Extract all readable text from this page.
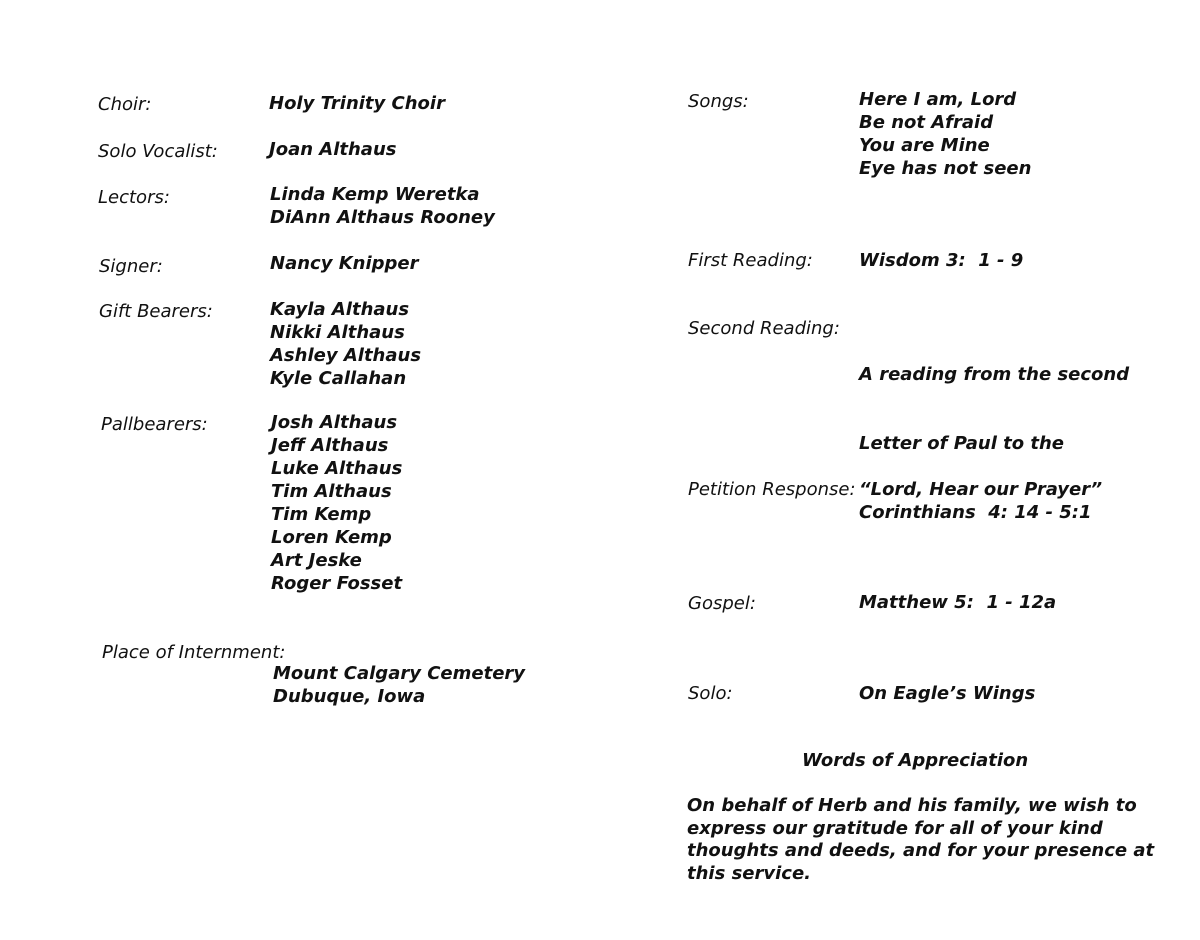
Choir:	Holy Trinity Choir
Solo Vocalist:	Joan Althaus
Lectors:	Linda Kemp Weretka
DiAnn Althaus Rooney
Signer:	Nancy Knipper
Gift Bearers:	Kayla Althaus
Nikki Althaus
Ashley Althaus
Kyle Callahan
Pallbearers:	Josh Althaus
Jeff Althaus
Luke Althaus
Tim Althaus
Tim Kemp
Loren Kemp
Art Jeske
Roger Fosset
Place of Internment:
Mount Calgary Cemetery
Dubuque, Iowa
Songs:	Here I am, Lord
Be not Afraid
You are Mine
Eye has not seen
First Reading:	Wisdom 3:  1 - 9
Second Reading:

A reading from the second

Letter of Paul to the

Corinthians  4: 14 - 5:1

Petition Response: “Lord, Hear our Prayer”
Gospel:	Matthew 5:  1 - 12a
Solo:	On Eagle’s Wings
Words of Appreciation
On behalf of Herb and his family, we wish to
express our gratitude for all of your kind
thoughts and deeds, and for your presence at
this service.
